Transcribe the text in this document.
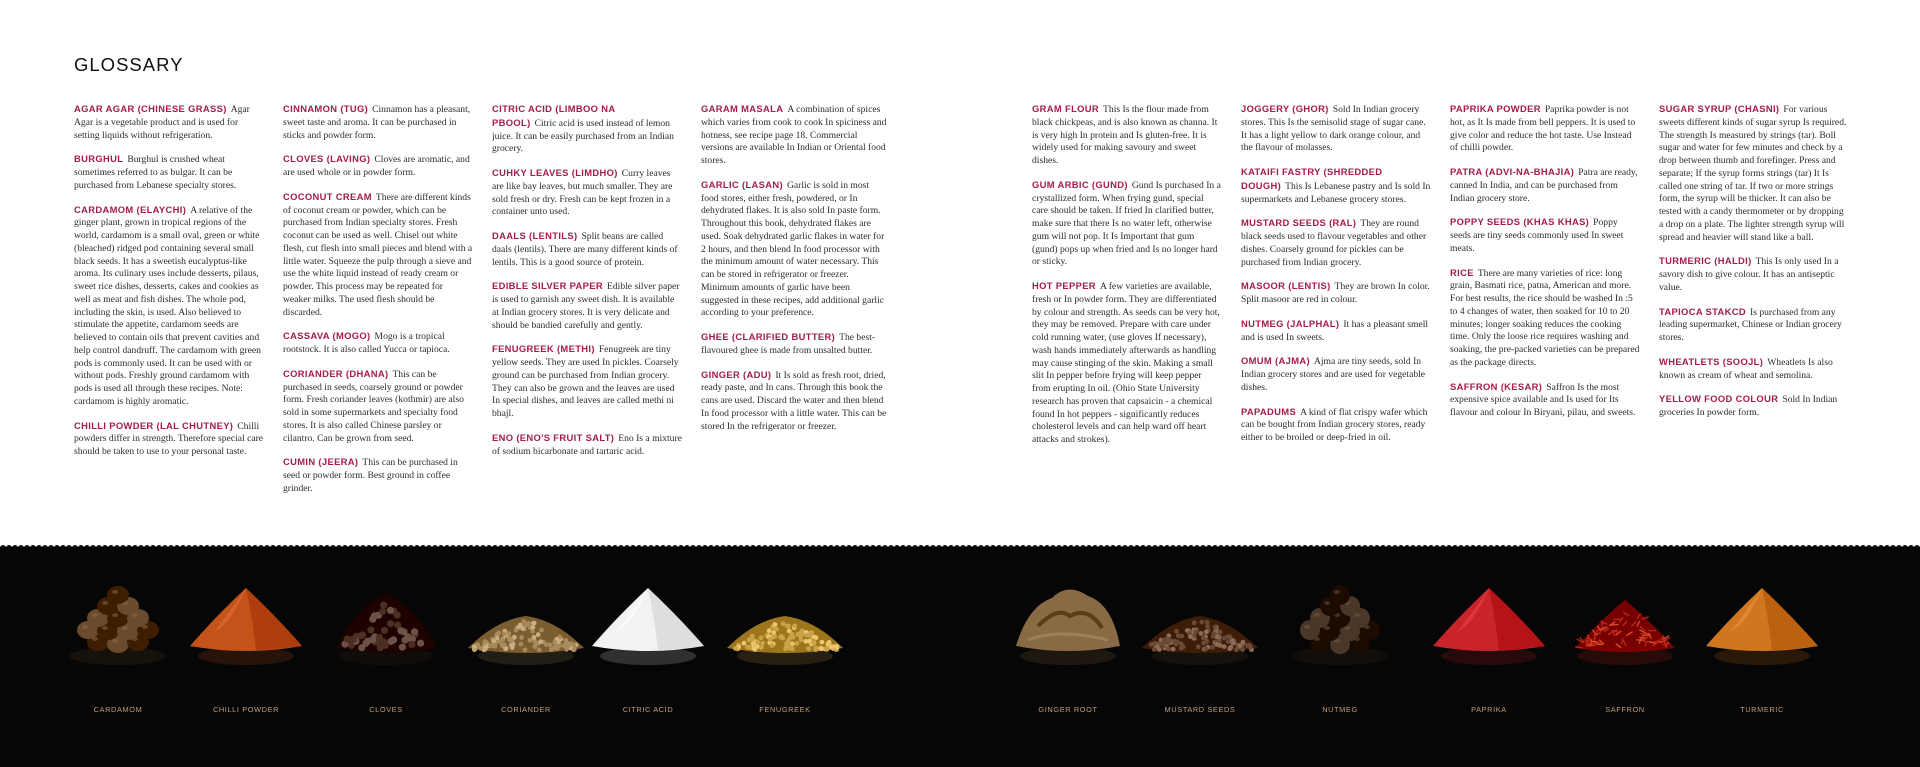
GLOSSARY
AGAR AGAR (CHINESE GRASS) Agar Agar is a vegetable product and is used for setting liquids without refrigeration.
BURGHUL Burghul is crushed wheat sometimes referred to as bulgar. It can be purchased from Lebanese specialty stores.
CARDAMOM (ELAYCHI) A relative of the ginger plant, grown in tropical regions of the world, cardamom is a small oval, green or white (bleached) ridged pod containing several small black seeds. It has a sweetish eucalyptus-like aroma. Its culinary uses include desserts, pilaus, sweet rice dishes, desserts, cakes and cookies as well as meat and fish dishes. The whole pod, including the skin, is used. Also believed to stimulate the appetite, cardamom seeds are believed to contain oils that prevent cavities and help control dandruff. The cardamom with green pods is commonly used. It can be used with or without pods. Freshly ground cardamom with pods is used all through these recipes. Note: cardamom is highly aromatic.
CHILLI POWDER (LAL CHUTNEY) Chilli powders differ in strength. Therefore special care should be taken to use to your personal taste.
CINNAMON (TUG) Cinnamon has a pleasant, sweet taste and aroma. It can be purchased in sticks and powder form.
CLOVES (LAVING) Cloves are aromatic, and are used whole or in powder form.
COCONUT CREAM There are different kinds of coconut cream or powder, which can be purchased from Indian specialty stores. Fresh coconut can be used as well. Chisel out white flesh, cut flesh into small pieces and blend with a little water. Squeeze the pulp through a sieve and use the white liquid instead of ready cream or powder. This process may be repeated for weaker milks. The used flesh should be discarded.
CASSAVA (MOGO) Mogo is a tropical rootstock. It is also called Yucca or tapioca.
CORIANDER (DHANA) This can be purchased in seeds, coarsely ground or powder form. Fresh coriander leaves (kothmir) are also sold in some supermarkets and specialty food stores. It is also called Chinese parsley or cilantro. Can be grown from seed.
CUMIN (JEERA) This can be purchased in seed or powder form. Best ground in coffee grinder.
CITRIC ACID (LIMBOO NA PBOOL) Citric acid is used instead of lemon juice. It can be easily purchased from an Indian grocery.
CUHKY LEAVES (LIMDHO) Curry leaves are like bay leaves, but much smaller. They are sold fresh or dry. Fresh can be kept frozen in a container unto used.
DAALS (LENTILS) Split beans are called daals (lentils). There are many different kinds of lentils. This is a good source of protein.
EDIBLE SILVER PAPER Edible silver paper is used to garnish any sweet dish. It is available at Indian grocery stores. It is very delicate and should be bandied carefully and gently.
FENUGREEK (METHI) Fenugreek are tiny yellow seeds. They are used In pickles. Coarsely ground can be purchased from Indian grocery. They can also be grown and the leaves are used In special dishes, and leaves are called methi ni bhajl.
ENO (ENO'S FRUIT SALT) Eno Is a mixture of sodium bicarbonate and tartaric acid.
GARAM MASALA A combination of spices which varies from cook to cook In spiciness and hotness, see recipe page 18. Commercial versions are available In Indian or Oriental food stores.
GARLIC (LASAN) Garlic is sold in most food stores, either fresh, powdered, or In dehydrated flakes. It is also sold In paste form. Throughout this book, dehydrated flakes are used. Soak dehydrated garlic flakes in water for 2 hours, and then blend In food processor with the minimum amount of water necessary. This can be stored in refrigerator or freezer. Minimum amounts of garlic have been suggested in these recipes, add additional garlic according to your preference.
GHEE (CLARIFIED BUTTER) The best-flavoured ghee is made from unsalted butter.
GINGER (ADU) It Is sold as fresh root, dried, ready paste, and In cans. Through this book the cans are used. Discard the water and then blend In food processor with a little water. This can be stored In the refrigerator or freezer.
GRAM FLOUR This Is the flour made from black chickpeas, and is also known as channa. It is very high In protein and Is gluten-free. It is widely used for making savoury and sweet dishes.
GUM ARBIC (GUND) Gund Is purchased In a crystallized form. When frying gund, special care should be taken. If fried In clarified butter, make sure that there Is no water left, otherwise gum will not pop. It Is Important that gum (gund) pops up when fried and Is no longer hard or sticky.
HOT PEPPER A few varieties are available, fresh or In powder form. They are differentiated by colour and strength. As seeds can be very hot, they may be removed. Prepare with care under cold running water, (use gloves If necessary), wash hands immediately afterwards as handling may cause stinging of the skin. Making a small slit In pepper before frying will keep pepper from erupting In oil. (Ohio State University research has proven that capsaicin - a chemical found In hot peppers - significantly reduces cholesterol levels and can help ward off heart attacks and strokes).
JOGGERY (GHOR) Sold In Indian grocery stores. This Is the semisolid stage of sugar cane. It has a light yellow to dark orange colour, and the flavour of molasses.
KATAIFI FASTRY (SHREDDED DOUGH) This Is Lebanese pastry and Is sold In supermarkets and Lebanese grocery stores.
MUSTARD SEEDS (RAL) They are round black seeds used to flavour vegetables and other dishes. Coarsely ground for pickles can be purchased from Indian grocery.
MASOOR (LENTIS) They are brown In color. Split masoor are red in colour.
NUTMEG (JALPHAL) It has a pleasant smell and is used In sweets.
OMUM (AJMA) Ajma are tiny seeds, sold In Indian grocery stores and are used for vegetable dishes.
PAPADUMS A kind of flat crispy wafer which can be bought from Indian grocery stores, ready either to be broiled or deep-fried in oil.
PAPRIKA POWDER Paprika powder is not hot, as It Is made from bell peppers. It is used to give color and reduce the hot taste. Use Instead of chilli powder.
PATRA (ADVI-NA-BHAJIA) Patra are ready, canned In India, and can be purchased from Indian grocery store.
POPPY SEEDS (KHAS KHAS) Poppy seeds are tiny seeds commonly used In sweet meats.
RICE There are many varieties of rice: long grain, Basmati rice, patna, American and more. For best results, the rice should be washed In :5 to 4 changes of water, then soaked for 10 to 20 minutes; longer soaking reduces the cooking time. Only the loose rice requires washing and soaking, the pre-packed varieties can be prepared as the package directs.
SAFFRON (KESAR) Saffron Is the most expensive spice available and Is used for Its flavour and colour In Biryani, pilau, and sweets.
SUGAR SYRUP (CHASNI) For various sweets different kinds of sugar syrup Is required. The strength Is measured by strings (tar). Boll sugar and water for few minutes and check by a drop between thumb and forefinger. Press and separate; If the syrup forms strings (tar) It Is called one string of tar. If two or more strings form, the syrup will be thicker. It can also be tested with a candy thermometer or by dropping a drop on a plate. The lighter strength syrup will spread and heavier will stand like a ball.
TURMERIC (HALDI) This Is only used In a savory dish to give colour. It has an antiseptic value.
TAPIOCA STAKCD Is purchased from any leading supermarket, Chinese or Indian grocery stores.
WHEATLETS (SOOJL) Wheatlets Is also known as cream of wheat and semolina.
YELLOW FOOD COLOUR Sold In Indian groceries In powder form.
CARDAMOM	CHILLI POWDER	CLOVES	CORIANDER	CITRIC ACID	FENUGREEK	GINGER ROOT	MUSTARD SEEDS	NUTMEG	PAPRIKA	SAFFRON	TURMERIC
